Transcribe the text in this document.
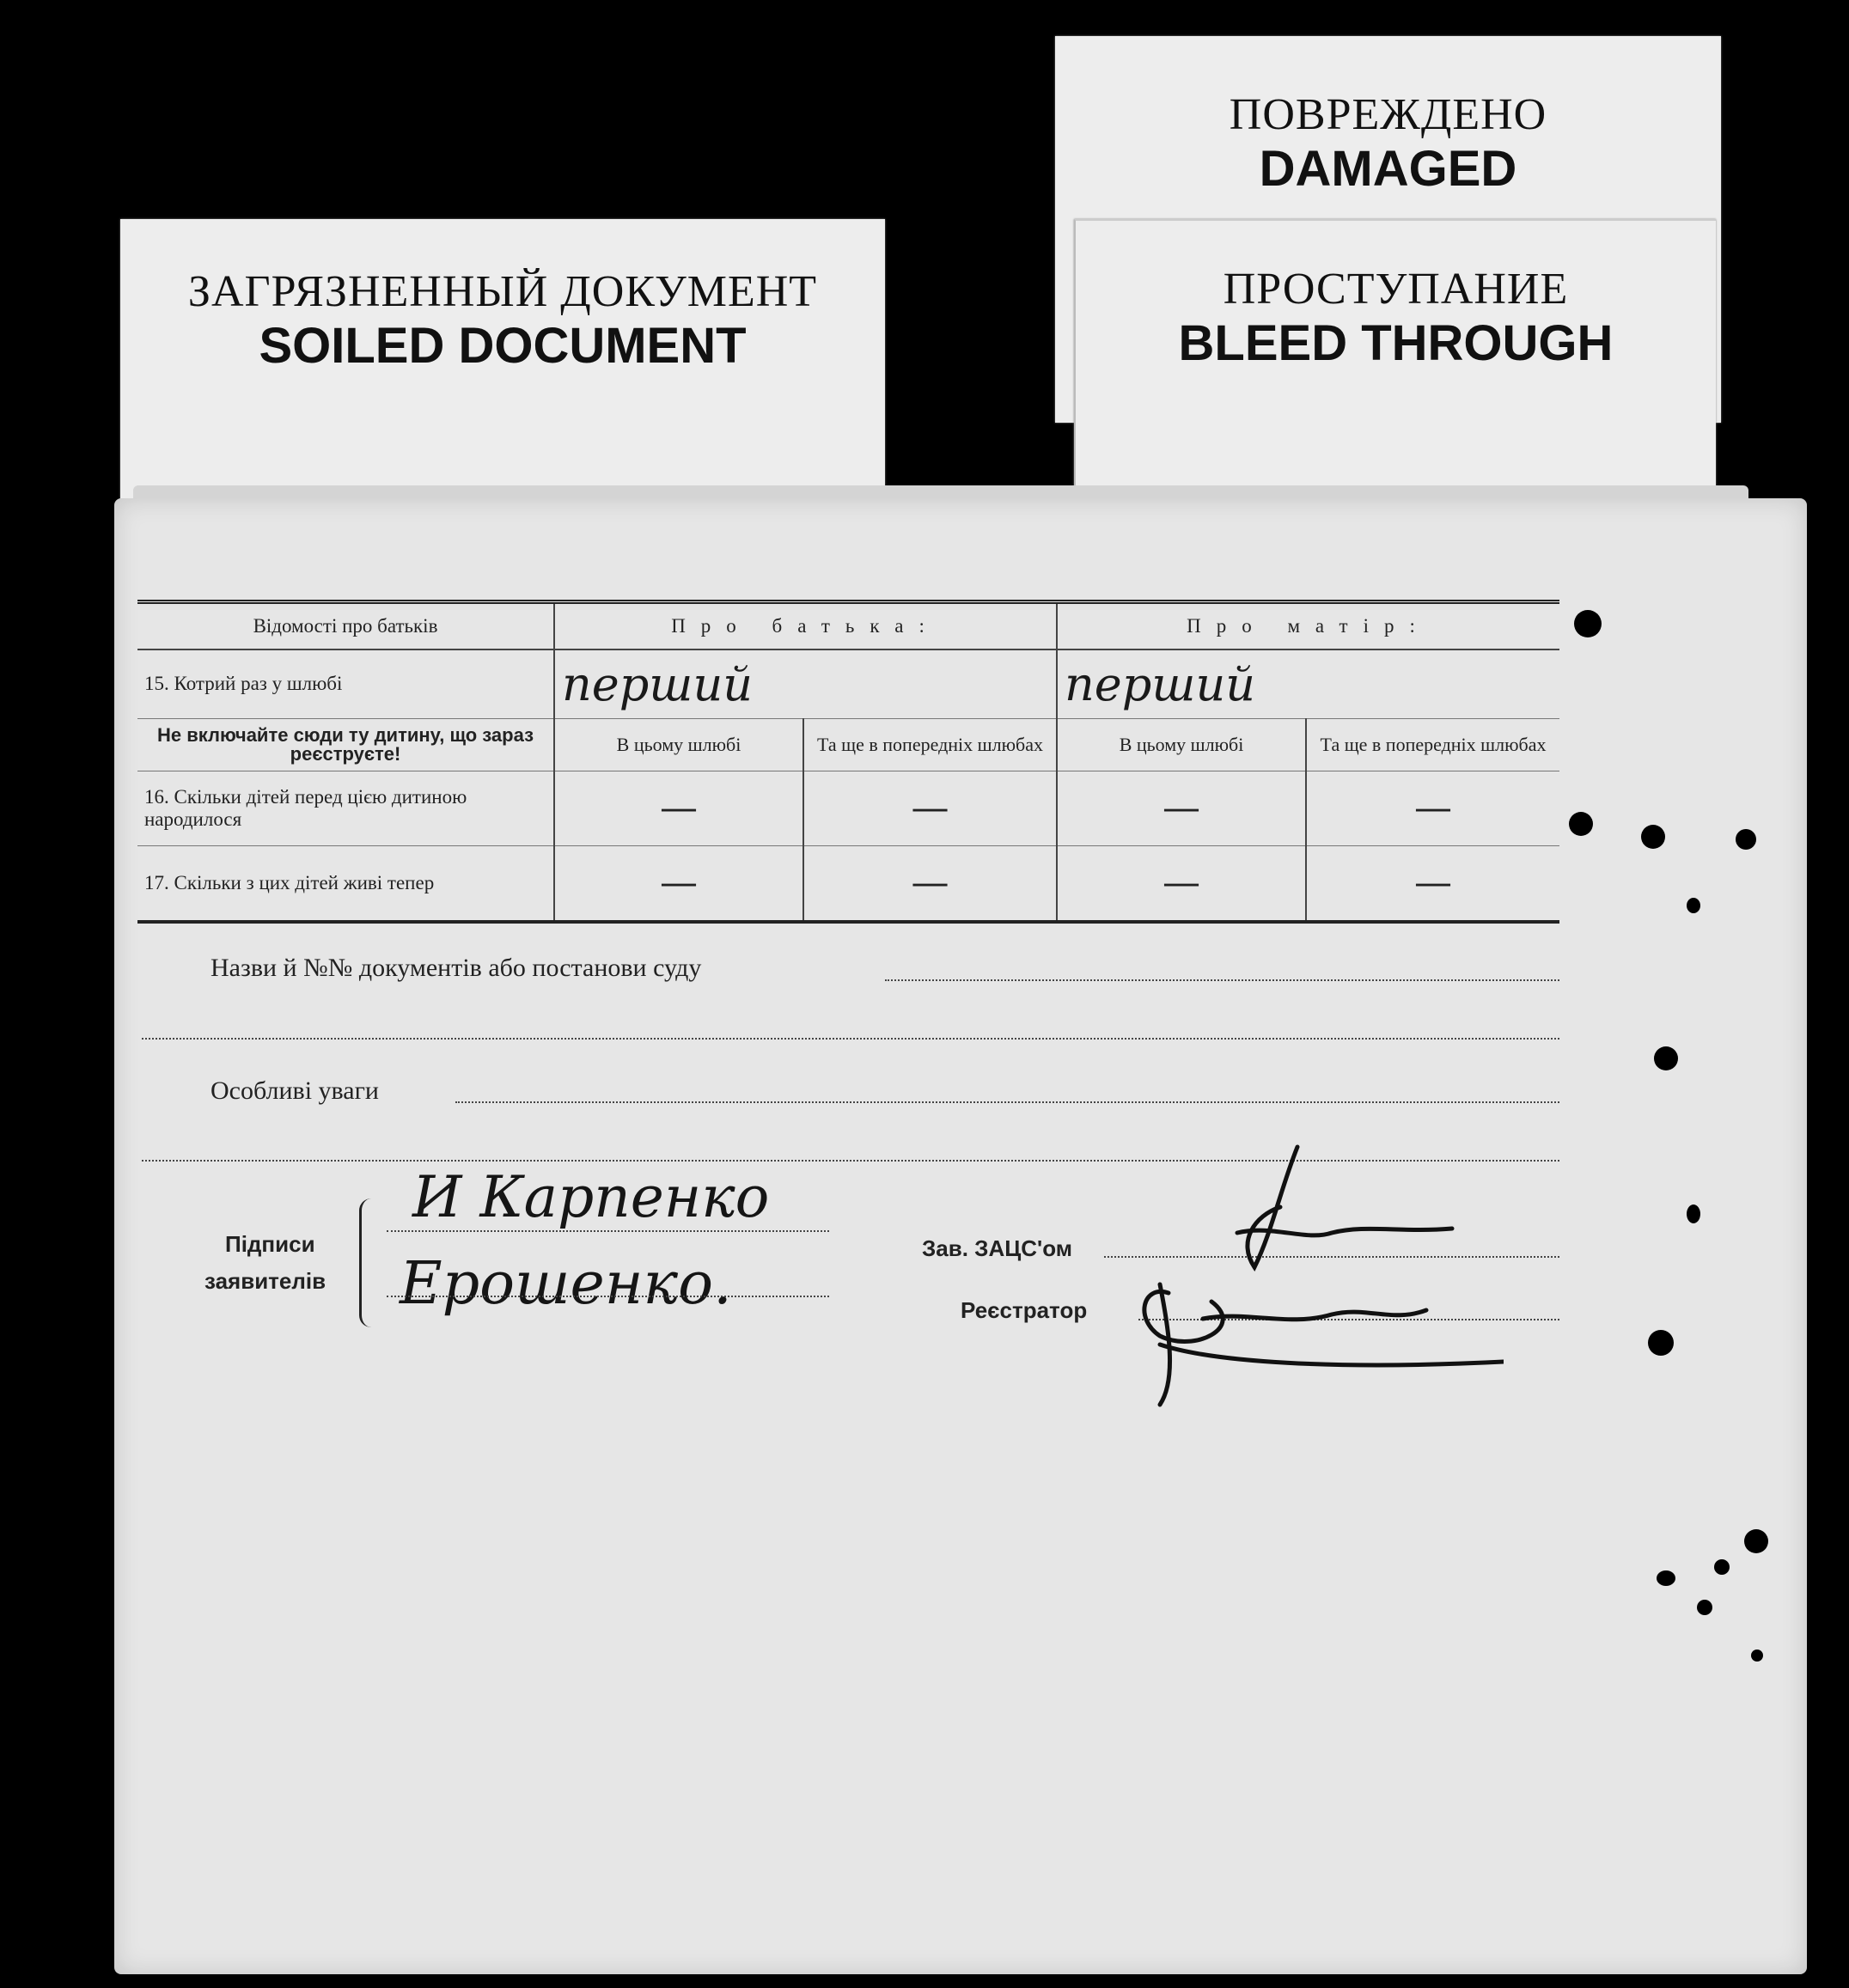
ПОВРЕЖДЕНО
DAMAGED
ПРОСТУПАНИЕ
BLEED THROUGH
ЗАГРЯЗНЕННЫЙ ДОКУМЕНТ
SOILED DOCUMENT
Відомості про батьків	Про батька:		Про матір:	
15. Котрий раз у шлюбі	перший		перший	
Не включайте сюди ту дитину, що зараз реєструєте!	В цьому шлюбі	Та ще в попередніх шлюбах	В цьому шлюбі	Та ще в попередніх шлюбах
16. Скільки дітей перед цією дитиною народилося	—	—	—	—
17. Скільки з цих дітей живі тепер	—	—	—	—
Назви й №№ документів або постанови суду
Особливі уваги
Підписи
заявителів
И Карпенко
Ерошенко.
Зав. ЗАЦС'ом
Реєстратор
